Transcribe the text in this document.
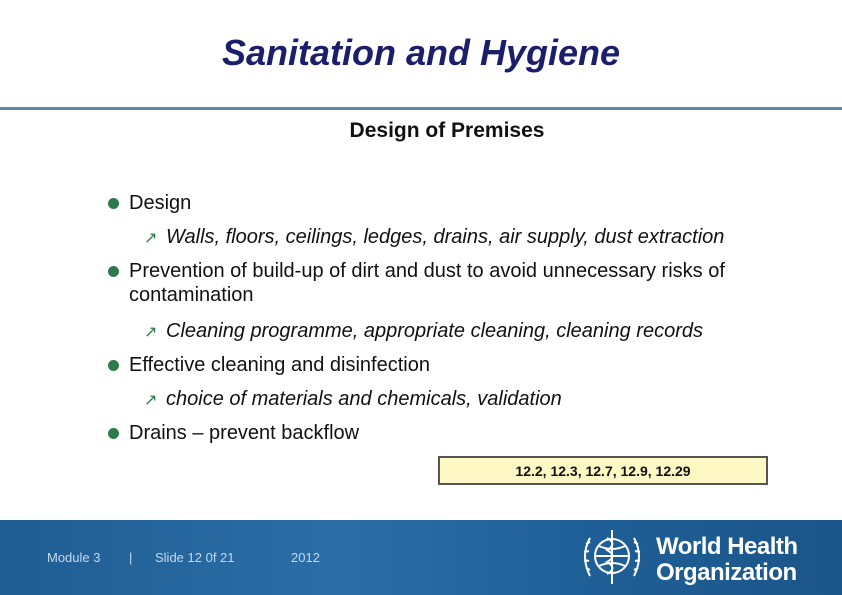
Sanitation and Hygiene
Design of Premises
Design
↗ Walls, floors, ceilings, ledges, drains, air supply, dust extraction
Prevention of build-up of dirt and dust to avoid unnecessary risks of
contamination
↗ Cleaning programme, appropriate cleaning, cleaning records
Effective cleaning and disinfection
↗ choice of materials and chemicals, validation
Drains – prevent backflow
12.2, 12.3, 12.7, 12.9, 12.29
Module 3 | Slide 12 0f 21	2012	World Health
Organization
